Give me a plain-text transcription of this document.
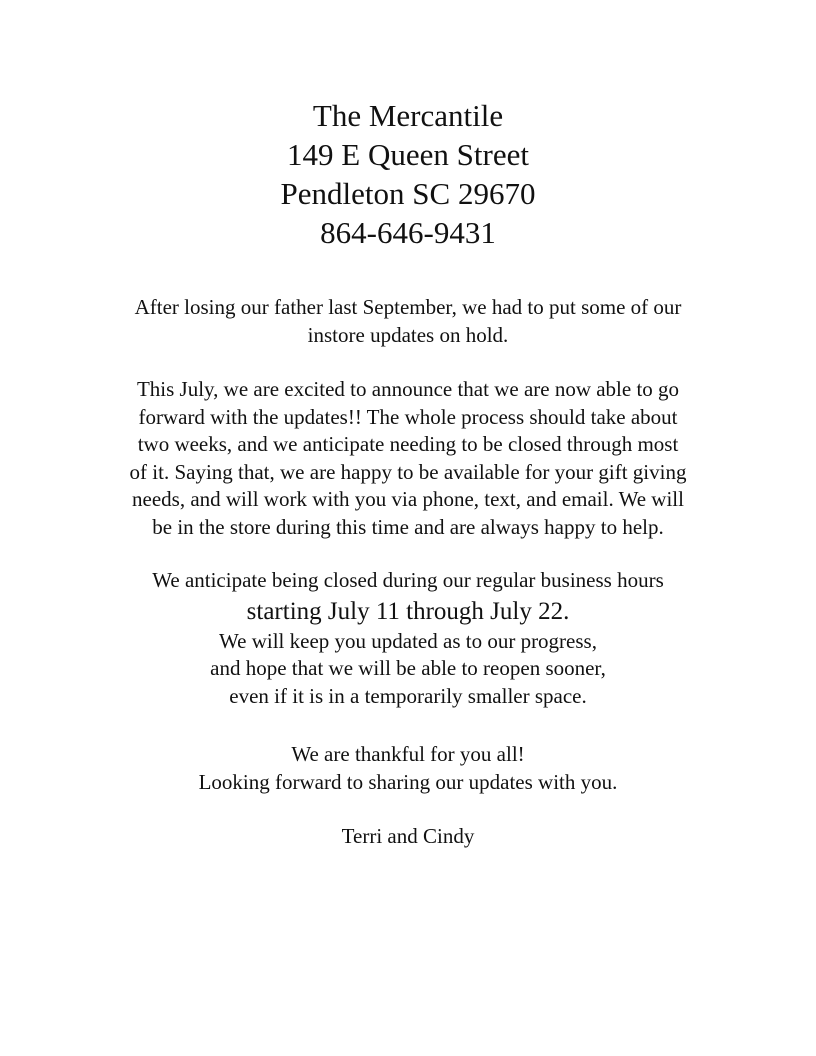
The Mercantile
149 E Queen Street
Pendleton SC 29670
864-646-9431
After losing our father last September, we had to put some of our
instore updates on hold.
This July, we are excited to announce that we are now able to go
forward with the updates!! The whole process should take about
two weeks, and we anticipate needing to be closed through most
of it. Saying that, we are happy to be available for your gift giving
needs, and will work with you via phone, text, and email. We will
be in the store during this time and are always happy to help.
We anticipate being closed during our regular business hours
starting July 11 through July 22.
We will keep you updated as to our progress,
and hope that we will be able to reopen sooner,
even if it is in a temporarily smaller space.
We are thankful for you all!
Looking forward to sharing our updates with you.
Terri and Cindy
